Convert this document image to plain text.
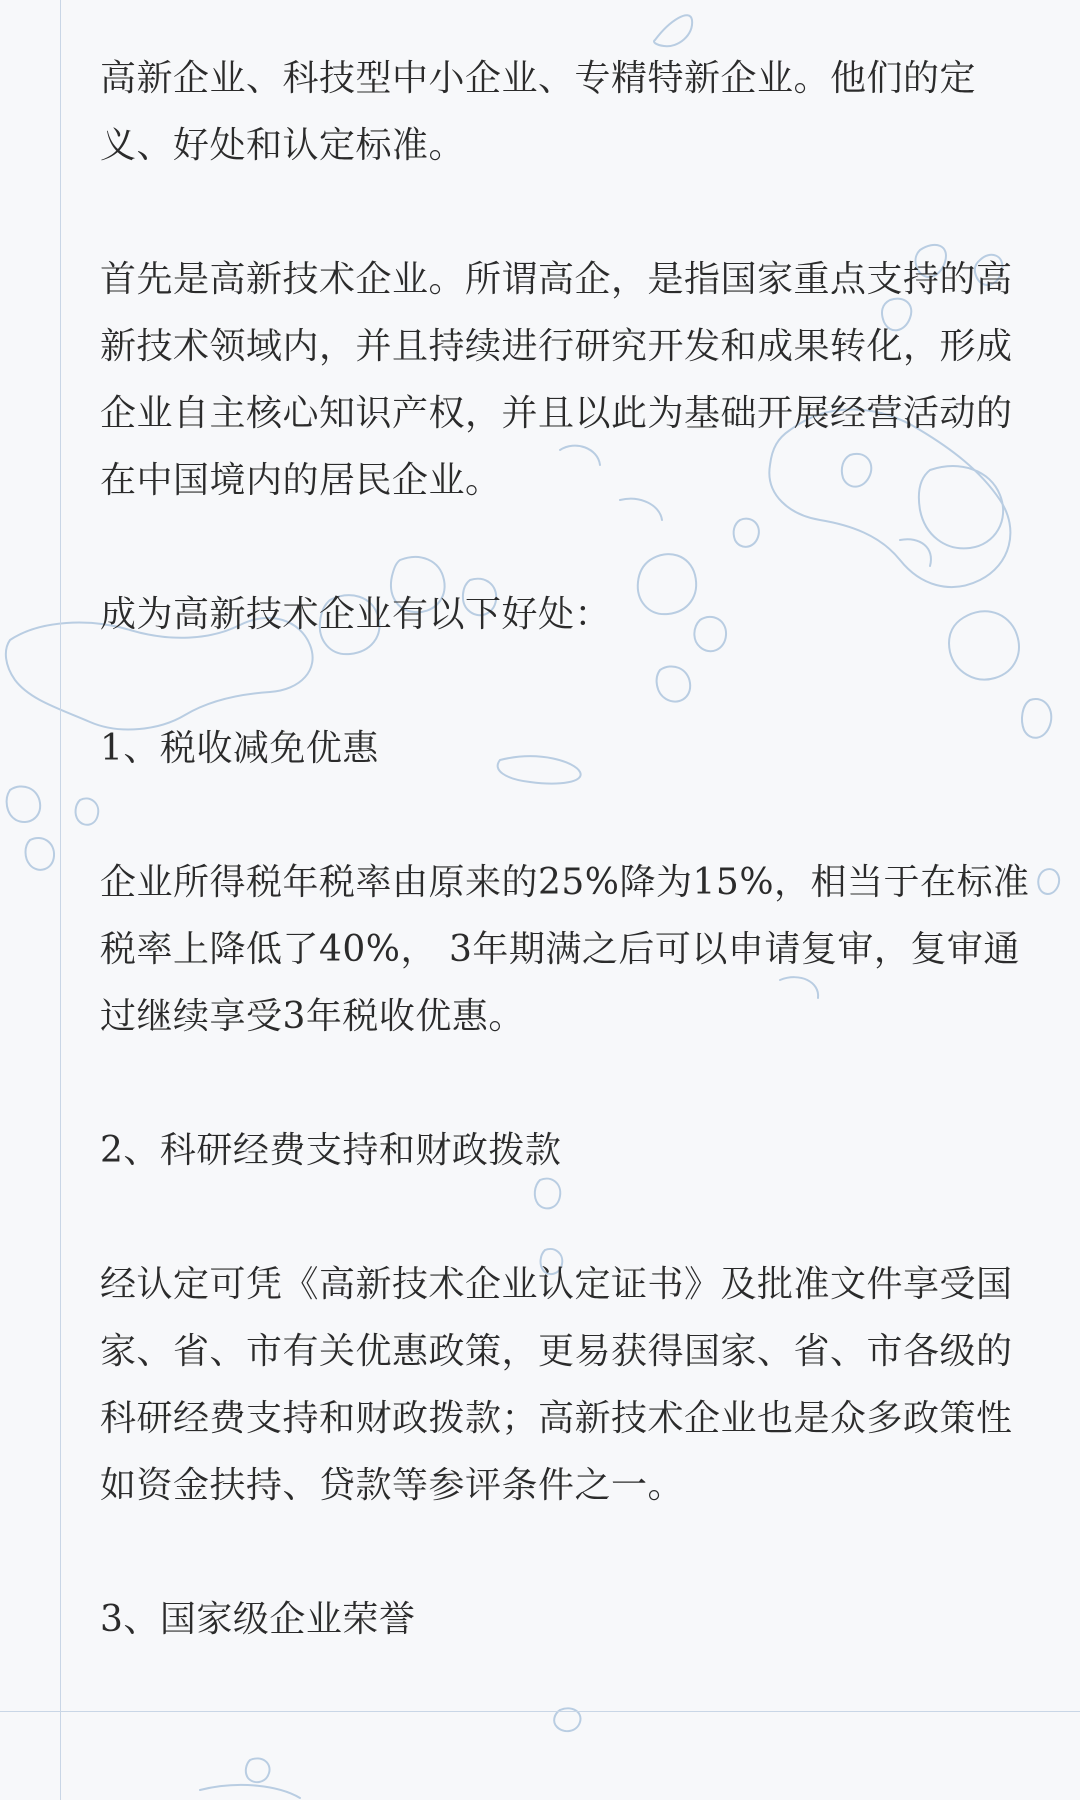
高新企业、科技型中小企业、专精特新企业。他们的定义、好处和认定标准。

首先是高新技术企业。所谓高企，是指国家重点支持的高新技术领域内，并且持续进行研究开发和成果转化，形成企业自主核心知识产权，并且以此为基础开展经营活动的在中国境内的居民企业。

成为高新技术企业有以下好处：

1、税收减免优惠

企业所得税年税率由原来的25%降为15%，相当于在标准税率上降低了40%， 3年期满之后可以申请复审，复审通过继续享受3年税收优惠。

2、科研经费支持和财政拨款

经认定可凭《高新技术企业认定证书》及批准文件享受国家、省、市有关优惠政策，更易获得国家、省、市各级的科研经费支持和财政拨款；高新技术企业也是众多政策性如资金扶持、贷款等参评条件之一。

3、国家级企业荣誉
